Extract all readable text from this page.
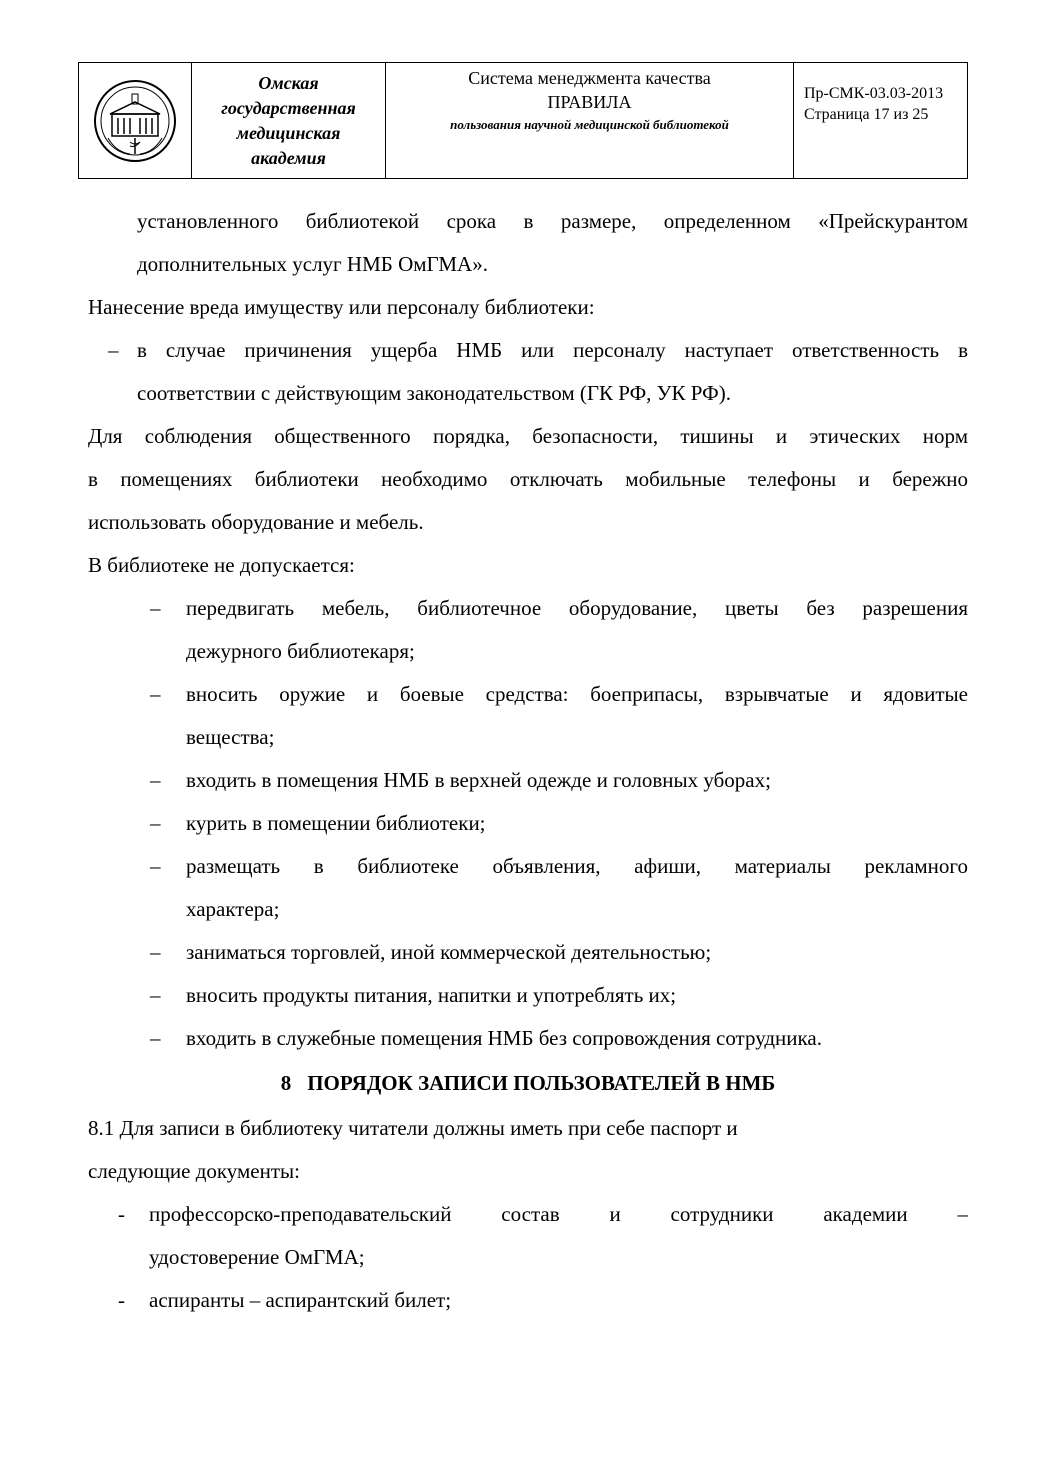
Омская
государственная
медицинская
академия
Система менеджмента качества
ПРАВИЛА
пользования научной медицинской библиотекой
Пр-СМК-03.03-2013
Страница 17 из 25
установленного библиотекой срока в размере, определенном «Прейскурантом
дополнительных услуг НМБ ОмГМА».
Нанесение вреда имуществу или персоналу библиотеки:
– в случае причинения ущерба НМБ или персоналу наступает ответственность в
соответствии с действующим законодательством (ГК РФ, УК РФ).
Для соблюдения общественного порядка, безопасности, тишины и этических норм
в помещениях библиотеки необходимо отключать мобильные телефоны и бережно
использовать оборудование и мебель.
В библиотеке не допускается:
– передвигать мебель, библиотечное оборудование, цветы без разрешения
дежурного библиотекаря;
– вносить оружие и боевые средства: боеприпасы, взрывчатые и ядовитые
вещества;
– входить в помещения НМБ в верхней одежде и головных уборах;
– курить в помещении библиотеки;
– размещать в библиотеке объявления, афиши, материалы рекламного
характера;
– заниматься торговлей, иной коммерческой деятельностью;
– вносить продукты питания, напитки и употреблять их;
– входить в служебные помещения НМБ без сопровождения сотрудника.
8 ПОРЯДОК ЗАПИСИ ПОЛЬЗОВАТЕЛЕЙ В НМБ
8.1 Для записи в библиотеку читатели должны иметь при себе паспорт и
следующие документы:
- профессорско-преподавательский состав и сотрудники академии –
удостоверение ОмГМА;
- аспиранты – аспирантский билет;
